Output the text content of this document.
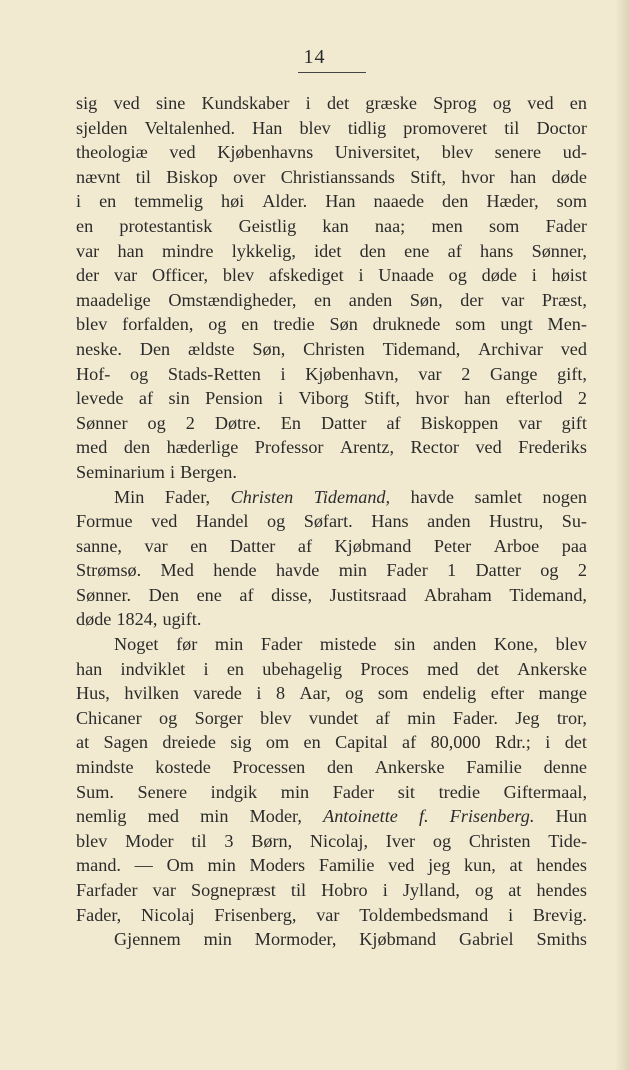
14
sig ved sine Kundskaber i det græske Sprog og ved en
sjelden Veltalenhed. Han blev tidlig promoveret til Doctor
theologiæ ved Kjøbenhavns Universitet, blev senere ud-
nævnt til Biskop over Christianssands Stift, hvor han døde
i en temmelig høi Alder. Han naaede den Hæder, som
en protestantisk Geistlig kan naa; men som Fader
var han mindre lykkelig, idet den ene af hans Sønner,
der var Officer, blev afskediget i Unaade og døde i høist
maadelige Omstændigheder, en anden Søn, der var Præst,
blev forfalden, og en tredie Søn druknede som ungt Men-
neske. Den ældste Søn, Christen Tidemand, Archivar ved
Hof- og Stads-Retten i Kjøbenhavn, var 2 Gange gift,
levede af sin Pension i Viborg Stift, hvor han efterlod 2
Sønner og 2 Døtre. En Datter af Biskoppen var gift
med den hæderlige Professor Arentz, Rector ved Frederiks
Seminarium i Bergen.
Min Fader, Christen Tidemand, havde samlet nogen
Formue ved Handel og Søfart. Hans anden Hustru, Su-
sanne, var en Datter af Kjøbmand Peter Arboe paa
Strømsø. Med hende havde min Fader 1 Datter og 2
Sønner. Den ene af disse, Justitsraad Abraham Tidemand,
døde 1824, ugift.
Noget før min Fader mistede sin anden Kone, blev
han indviklet i en ubehagelig Proces med det Ankerske
Hus, hvilken varede i 8 Aar, og som endelig efter mange
Chicaner og Sorger blev vundet af min Fader. Jeg tror,
at Sagen dreiede sig om en Capital af 80,000 Rdr.; i det
mindste kostede Processen den Ankerske Familie denne
Sum. Senere indgik min Fader sit tredie Giftermaal,
nemlig med min Moder, Antoinette f. Frisenberg. Hun
blev Moder til 3 Børn, Nicolaj, Iver og Christen Tide-
mand. — Om min Moders Familie ved jeg kun, at hendes
Farfader var Sognepræst til Hobro i Jylland, og at hendes
Fader, Nicolaj Frisenberg, var Toldembedsmand i Brevig.
Gjennem min Mormoder, Kjøbmand Gabriel Smiths
